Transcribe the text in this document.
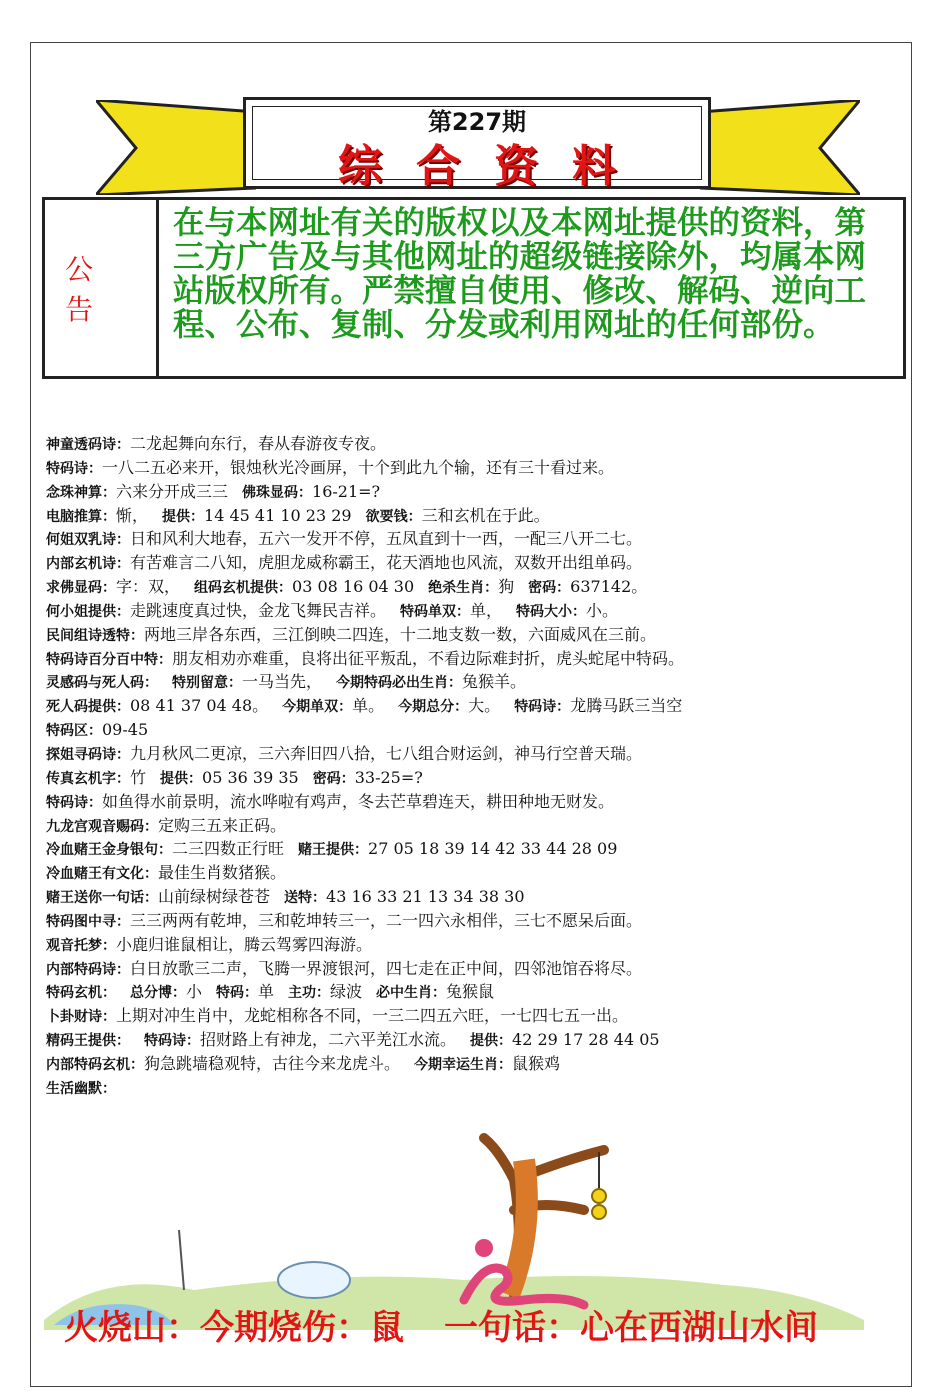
第227期
综合资料
公告
在与本网址有关的版权以及本网址提供的资料，第三方广告及与其他网址的超级链接除外，均属本网站版权所有。严禁擅自使用、修改、解码、逆向工程、公布、复制、分发或利用网址的任何部份。
神童透码诗：二龙起舞向东行，春从春游夜专夜。
特码诗：一八二五必来开，银烛秋光冷画屏，十个到此九个输，还有三十看过来。
念珠神算：六来分开成三三 佛珠显码：16-21=?
电脑推算：惭， 提供：14 45 41 10 23 29 欲要钱：三和玄机在于此。
何姐双乳诗：日和风利大地春，五六一发开不停，五凤直到十一西，一配三八开二七。
内部玄机诗：有苦难言二八知，虎胆龙威称霸王，花天酒地也风流，双数开出组单码。
求佛显码：字：双， 组码玄机提供：03 08 16 04 30 绝杀生肖：狗 密码：637142。
何小姐提供：走跳速度真过快，金龙飞舞民吉祥。 特码单双：单， 特码大小：小。
民间组诗透特：两地三岸各东西，三江倒映二四连，十二地支数一数，六面威风在三前。
特码诗百分百中特：朋友相劝亦难重，良将出征平叛乱，不看边际难封折，虎头蛇尾中特码。
灵感码与死人码： 特别留意：一马当先， 今期特码必出生肖：兔猴羊。
死人码提供：08 41 37 04 48。 今期单双：单。 今期总分：大。 特码诗：龙腾马跃三当空
特码区：09-45
探姐寻码诗：九月秋风二更凉，三六奔旧四八拾，七八组合财运剑，神马行空普天瑞。
传真玄机字：竹 提供：05 36 39 35 密码：33-25=?
特码诗：如鱼得水前景明，流水哗啦有鸡声，冬去芒草碧连天，耕田种地无财发。
九龙宫观音赐码：定购三五来正码。
冷血赌王金身银句：二三四数正行旺 赌王提供：27 05 18 39 14 42 33 44 28 09
冷血赌王有文化：最佳生肖数猪猴。
赌王送你一句话：山前绿树绿苍苍 送特：43 16 33 21 13 34 38 30
特码图中寻：三三两两有乾坤，三和乾坤转三一，二一四六永相伴，三七不愿呆后面。
观音托梦：小鹿归谁鼠相让，腾云驾雾四海游。
内部特码诗：白日放歌三二声，飞腾一界渡银河，四七走在正中间，四邻池馆吞将尽。
特码玄机： 总分博：小 特码：单 主功：绿波 必中生肖：兔猴鼠
卜卦财诗：上期对冲生肖中，龙蛇相称各不同，一三二四五六旺，一七四七五一出。
精码王提供： 特码诗：招财路上有神龙，二六平羌江水流。 提供：42 29 17 28 44 05
内部特码玄机：狗急跳墙稳观特，古往今来龙虎斗。 今期幸运生肖：鼠猴鸡
生活幽默：
火烧山：今期烧伤：鼠 一句话：心在西湖山水间
